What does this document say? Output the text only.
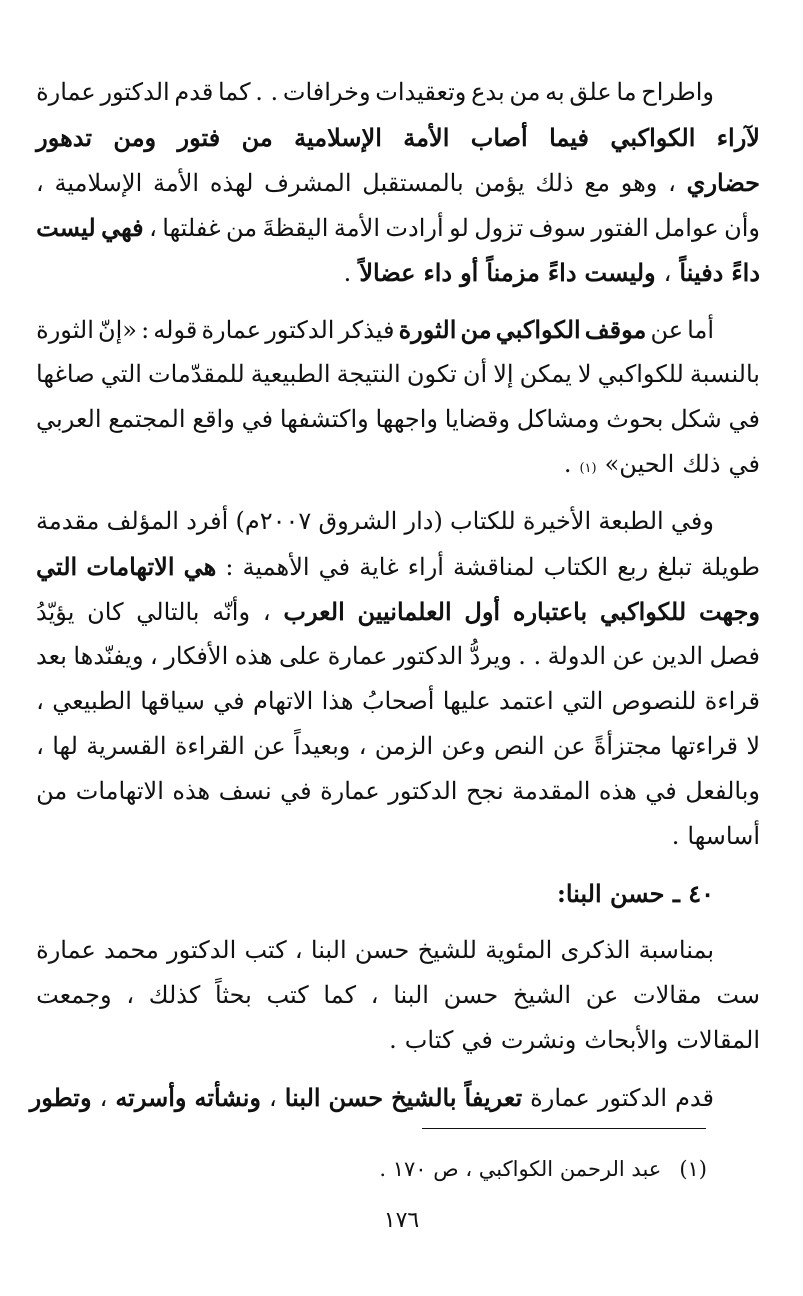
واطراح
ما
علق
به
من
بدع
وتعقيدات
وخرافات
. .
كما
قدم
الدكتور
عمارة
لآراء
الكواكبي
فيما
أصاب
الأمة
الإسلامية
من
فتور
ومن
تدهور
حضاري
،
وهو
مع
ذلك
يؤمن
بالمستقبل
المشرف
لهذه
الأمة
الإسلامية
،
وأن
عوامل
الفتور
سوف
تزول
لو
أرادت
الأمة
اليقظةَ
من
غفلتها
،
فهي
ليست
داءً
دفيناً
،
وليست
داءً
مزمناً
أو
داء
عضالاً
.
أما
عن
موقف
الكواكبي
من
الثورة
فيذكر
الدكتور
عمارة
قوله
:
«إنّ
الثورة
بالنسبة
للكواكبي
لا
يمكن
إلا
أن
تكون
النتيجة
الطبيعية
للمقدّمات
التي
صاغها
في
شكل
بحوث
ومشاكل
وقضايا
واجهها
واكتشفها
في
واقع
المجتمع
العربي
في
ذلك
الحين»
(١)
.
وفي
الطبعة
الأخيرة
للكتاب
(دار
الشروق
٢٠٠٧م)
أفرد
المؤلف
مقدمة
طويلة
تبلغ
ربع
الكتاب
لمناقشة
أراء
غاية
في
الأهمية
:
هي
الاتهامات
التي
وجهت
للكواكبي
باعتباره
أول
العلمانيين
العرب
،
وأنّه
بالتالي
كان
يؤيّدُ
فصل
الدين
عن
الدولة
. .
ويردُّ
الدكتور
عمارة
على
هذه
الأفكار
،
ويفنّدها
بعد
قراءة
للنصوص
التي
اعتمد
عليها
أصحابُ
هذا
الاتهام
في
سياقها
الطبيعي
،
لا
قراءتها
مجتزأةً
عن
النص
وعن
الزمن
،
وبعيداً
عن
القراءة
القسرية
لها
،
وبالفعل
في
هذه
المقدمة
نجح
الدكتور
عمارة
في
نسف
هذه
الاتهامات
من
أساسها
.
٤٠ ـ حسن البنا:
بمناسبة
الذكرى
المئوية
للشيخ
حسن
البنا
،
كتب
الدكتور
محمد
عمارة
ست
مقالات
عن
الشيخ
حسن
البنا
،
كما
كتب
بحثاً
كذلك
،
وجمعت
المقالات
والأبحاث
ونشرت
في
كتاب
.
قدم
الدكتور
عمارة
تعريفاً
بالشيخ
حسن
البنا
،
ونشأته
وأسرته
،
وتطور
(١)عبد الرحمن الكواكبي ، ص ١٧٠ .
١٧٦
